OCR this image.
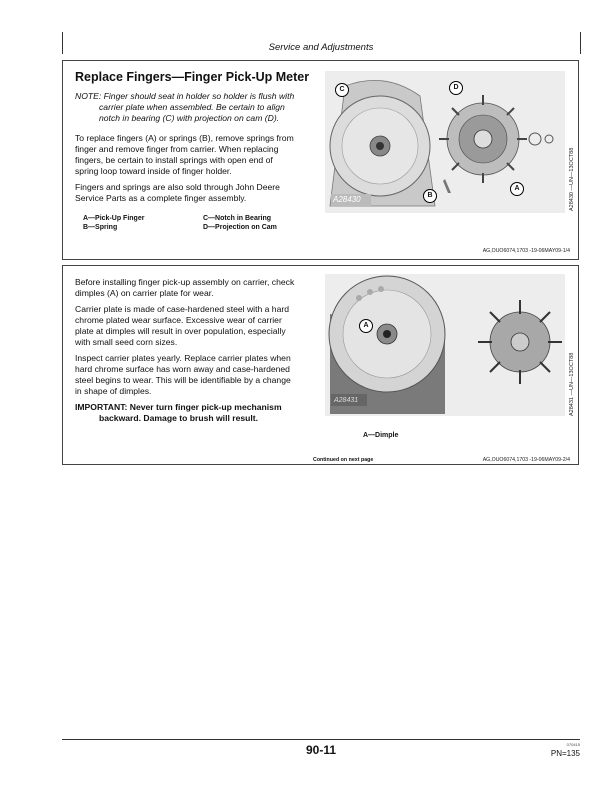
Service and Adjustments
Replace Fingers—Finger Pick-Up Meter
NOTE: Finger should seat in holder so holder is flush with
carrier plate when assembled. Be certain to align
notch in bearing (C) with projection on cam (D).
To replace fingers (A) or springs (B), remove springs from
finger and remove finger from carrier. When replacing
fingers, be certain to install springs with open end of
spring loop toward inside of finger holder.
Fingers and springs are also sold through John Deere
Service Parts as a complete finger assembly.
A—Pick-Up Finger
B—Spring
C—Notch in Bearing
D—Projection on Cam
A28430
C	D
B
A	A28430 —UN—13OCT88
AG,OUO6074,1703 -19-06MAY09-1/4
Before installing finger pick-up assembly on carrier, check
dimples (A) on carrier plate for wear.
Carrier plate is made of case-hardened steel with a hard
chrome plated wear surface. Excessive wear of carrier
plate at dimples will result in over population, especially
with small seed corn sizes.
Inspect carrier plates yearly. Replace carrier plates when
hard chrome surface has worn away and case-hardened
steel begins to wear. This will be identifiable by a change
in shape of dimples.
IMPORTANT: Never turn finger pick-up mechanism
backward. Damage to brush will result.
A28431
A
A28431 —UN—13OCT88
A—Dimple
Continued on next page	AG,OUO6074,1703 -19-06MAY09-2/4
90-11	070415
PN=135
